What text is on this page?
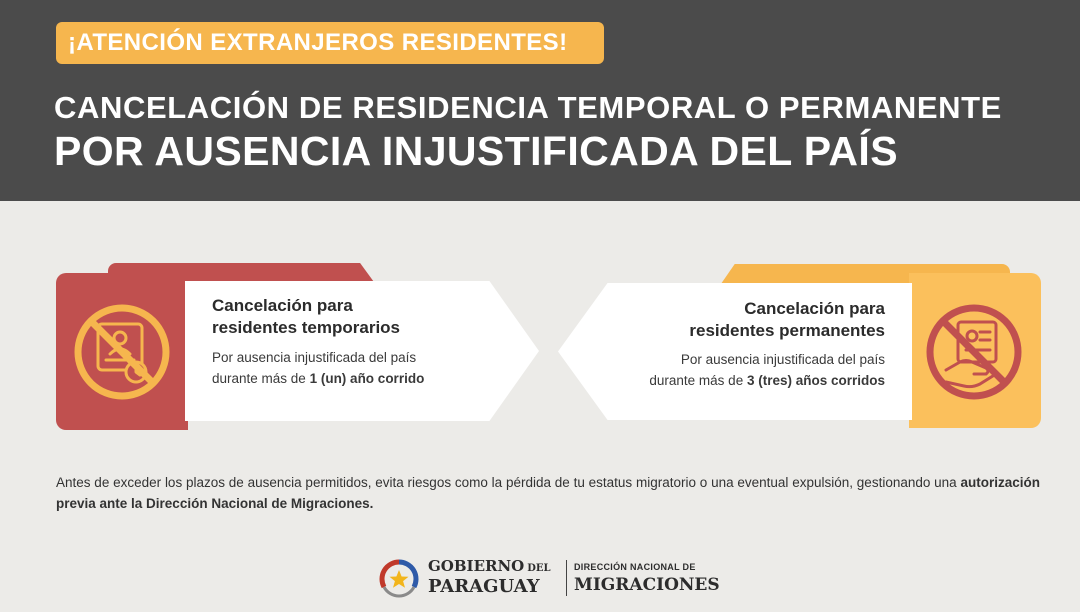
¡ATENCIÓN EXTRANJEROS RESIDENTES!
CANCELACIÓN DE RESIDENCIA TEMPORAL O PERMANENTE
POR AUSENCIA INJUSTIFICADA DEL PAÍS
Cancelación para
residentes temporarios
Por ausencia injustificada del país
durante más de 1 (un) año corrido
Cancelación para
residentes permanentes
Por ausencia injustificada del país
durante más de 3 (tres) años corridos
Antes de exceder los plazos de ausencia permitidos, evita riesgos como la pérdida de tu estatus migratorio o una eventual expulsión, gestionando una autorización previa ante la Dirección Nacional de Migraciones.
GOBIERNO DEL
PARAGUAY
DIRECCIÓN NACIONAL DE
MIGRACIONES
